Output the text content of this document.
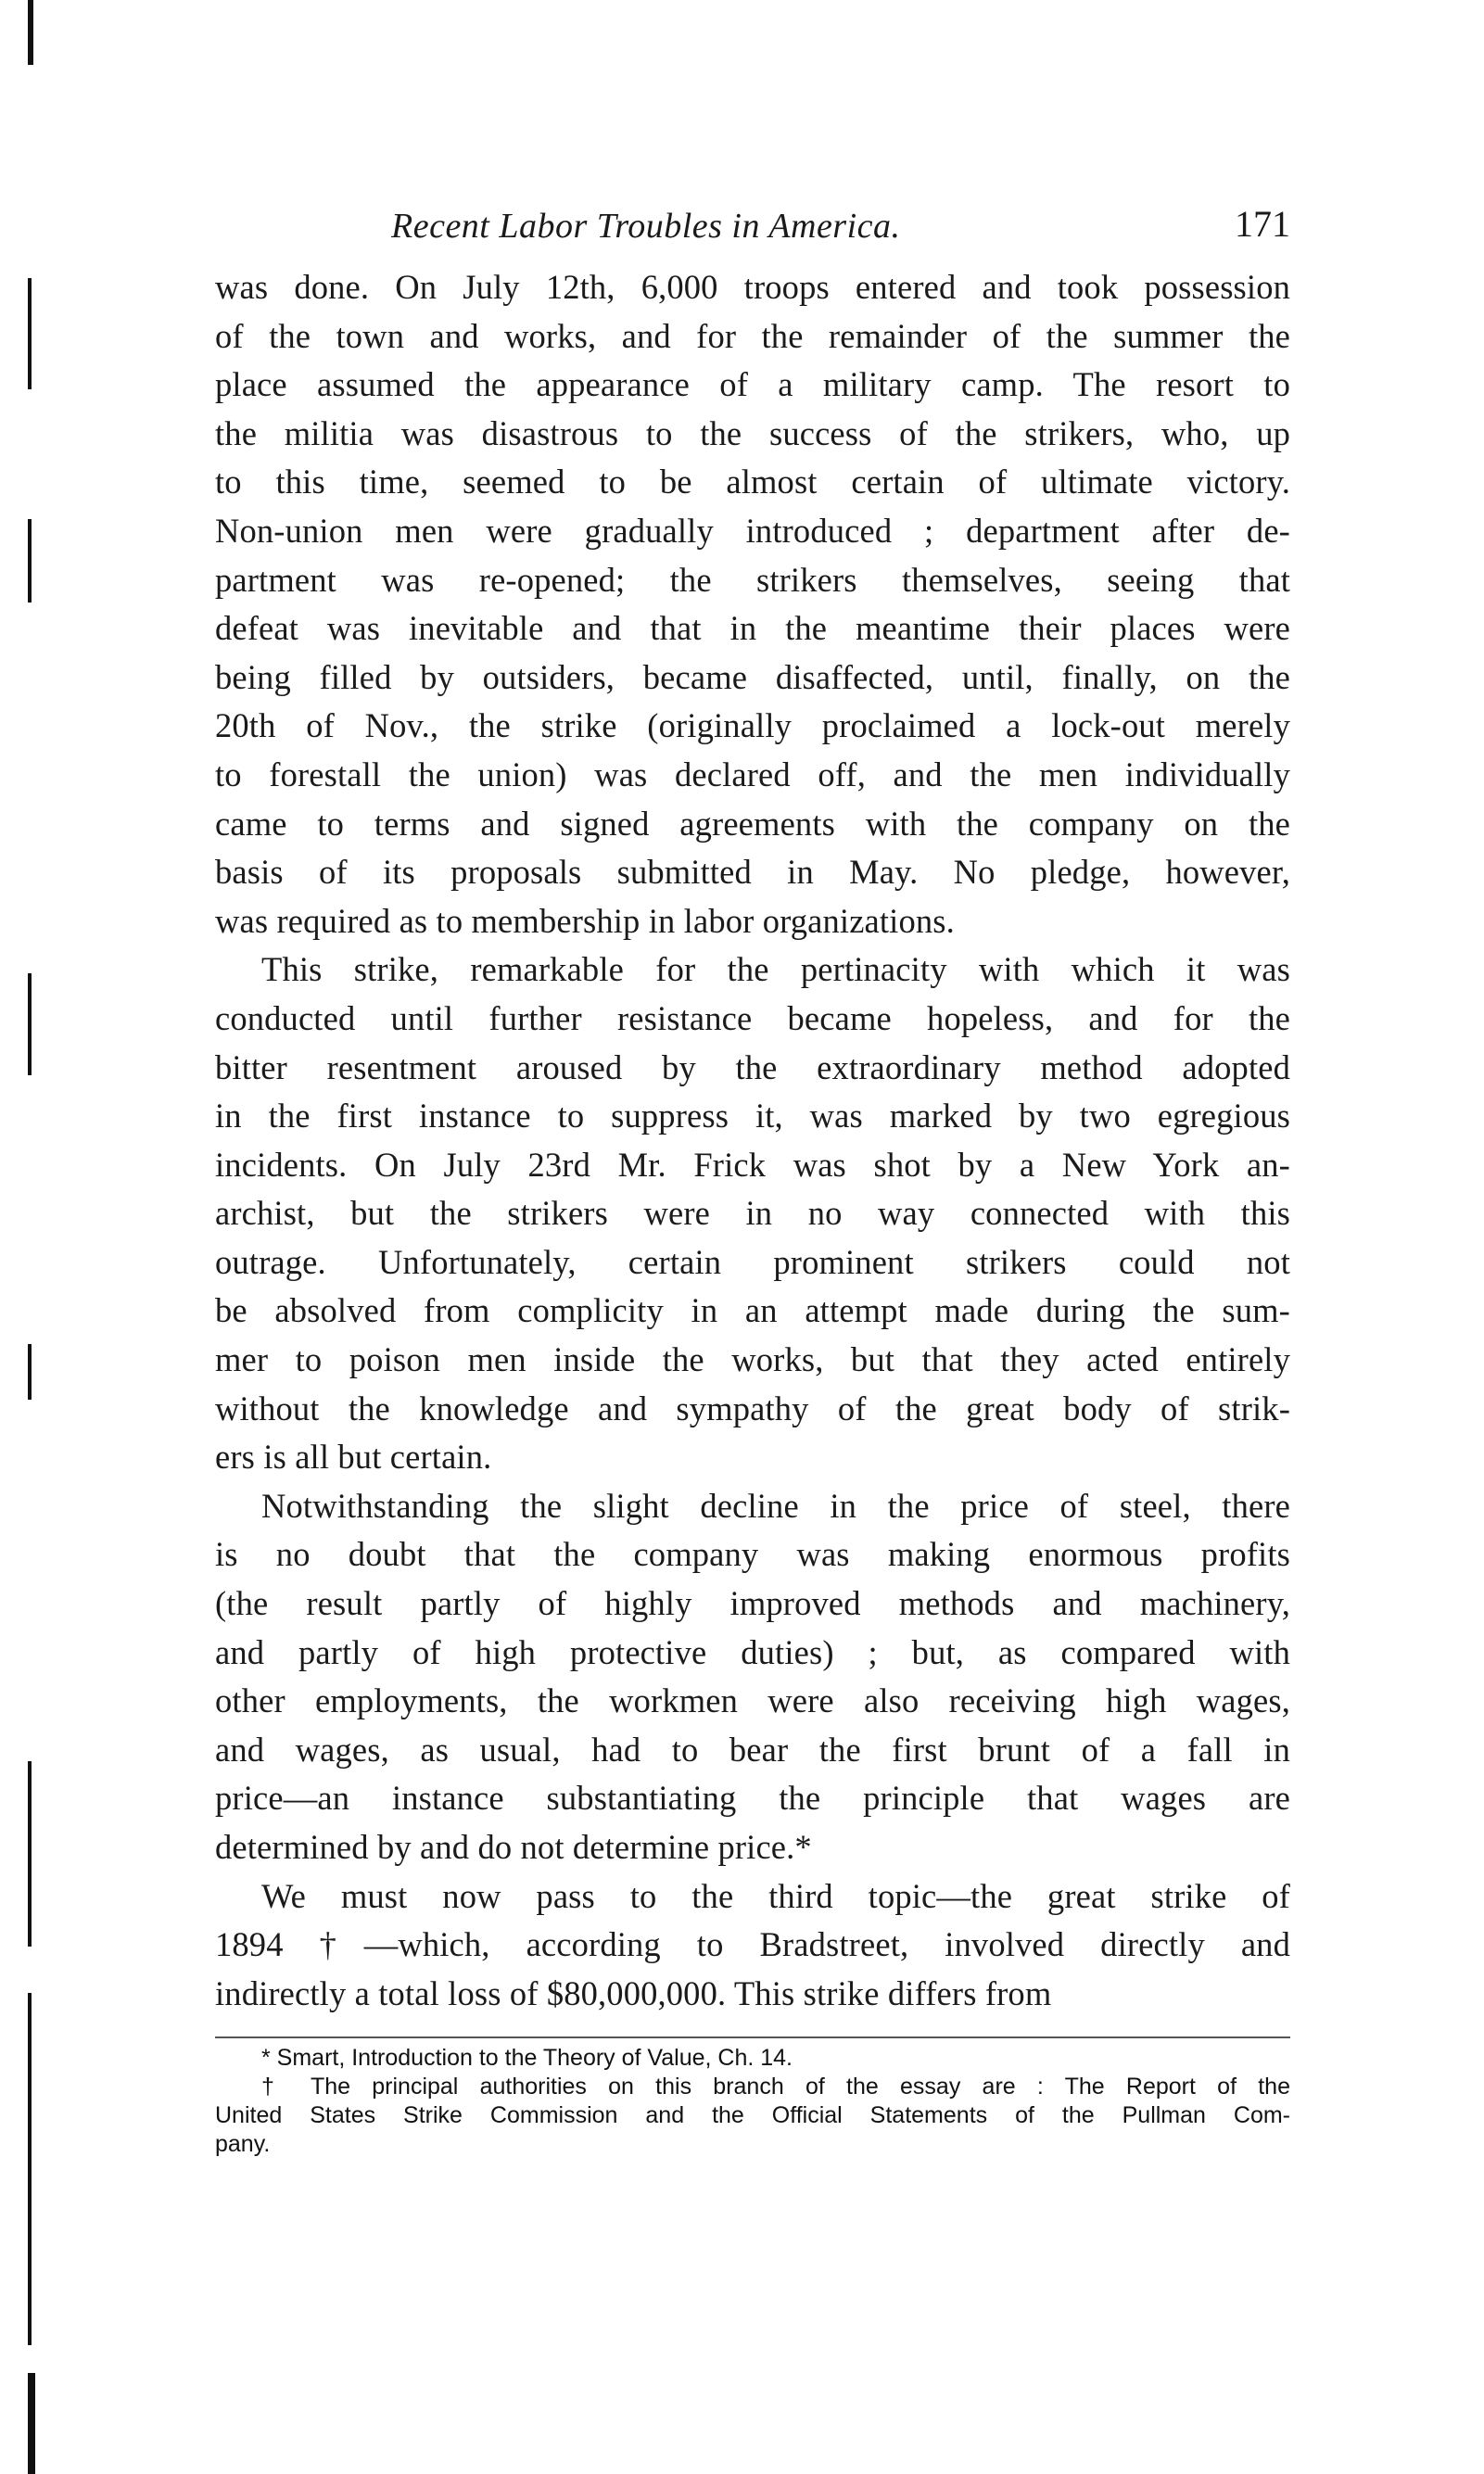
Recent Labor Troubles in America.	171

was done. On July 12th, 6,000 troops entered and took possession
of the town and works, and for the remainder of the summer the
place assumed the appearance of a military camp. The resort to
the militia was disastrous to the success of the strikers, who, up
to this time, seemed to be almost certain of ultimate victory.
Non-union men were gradually introduced ; department after de-
partment was re-opened; the strikers themselves, seeing that
defeat was inevitable and that in the meantime their places were
being filled by outsiders, became disaffected, until, finally, on the
20th of Nov., the strike (originally proclaimed a lock-out merely
to forestall the union) was declared off, and the men individually
came to terms and signed agreements with the company on the
basis of its proposals submitted in May. No pledge, however,
was required as to membership in labor organizations.

This strike, remarkable for the pertinacity with which it was
conducted until further resistance became hopeless, and for the
bitter resentment aroused by the extraordinary method adopted
in the first instance to suppress it, was marked by two egregious
incidents. On July 23rd Mr. Frick was shot by a New York an-
archist, but the strikers were in no way connected with this
outrage. Unfortunately, certain prominent strikers could not
be absolved from complicity in an attempt made during the sum-
mer to poison men inside the works, but that they acted entirely
without the knowledge and sympathy of the great body of strik-
ers is all but certain.

Notwithstanding the slight decline in the price of steel, there
is no doubt that the company was making enormous profits
(the result partly of highly improved methods and machinery,
and partly of high protective duties) ; but, as compared with
other employments, the workmen were also receiving high wages,
and wages, as usual, had to bear the first brunt of a fall in
price—an instance substantiating the principle that wages are
determined by and do not determine price.*

We must now pass to the third topic—the great strike of
1894 †—which, according to Bradstreet, involved directly and
indirectly a total loss of $80,000,000. This strike differs from

* Smart, Introduction to the Theory of Value, Ch. 14.

† The principal authorities on this branch of the essay are : The Report of the
United States Strike Commission and the Official Statements of the Pullman Com-
pany.
